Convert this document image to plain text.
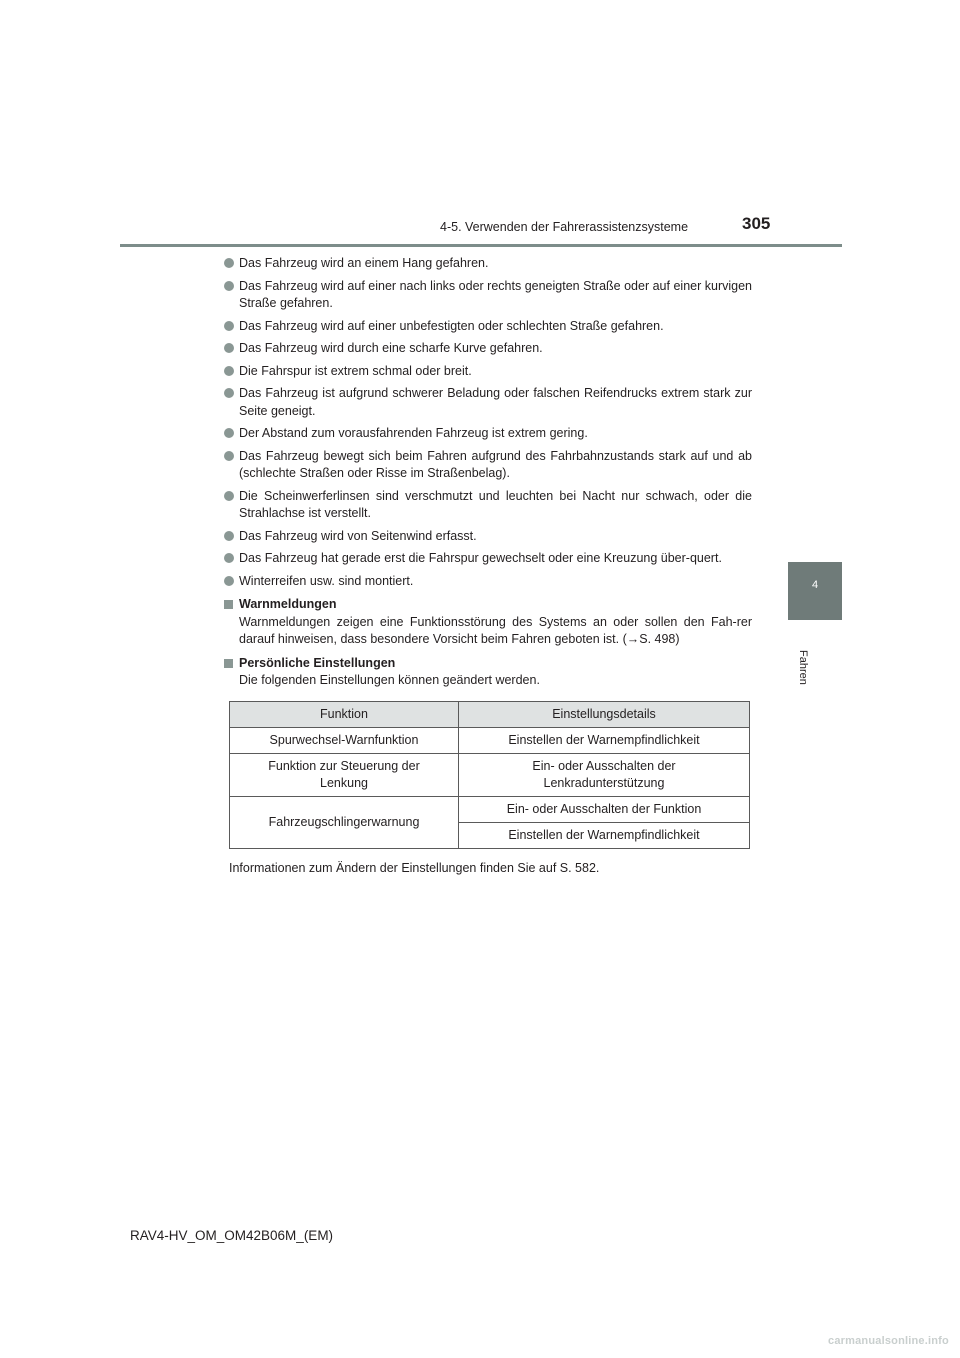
4-5. Verwenden der Fahrerassistenzsysteme	305
4
Fahren
Das Fahrzeug wird an einem Hang gefahren.
Das Fahrzeug wird auf einer nach links oder rechts geneigten Straße oder auf einer kurvigen Straße gefahren.
Das Fahrzeug wird auf einer unbefestigten oder schlechten Straße gefahren.
Das Fahrzeug wird durch eine scharfe Kurve gefahren.
Die Fahrspur ist extrem schmal oder breit.
Das Fahrzeug ist aufgrund schwerer Beladung oder falschen Reifendrucks extrem stark zur Seite geneigt.
Der Abstand zum vorausfahrenden Fahrzeug ist extrem gering.
Das Fahrzeug bewegt sich beim Fahren aufgrund des Fahrbahnzustands stark auf und ab (schlechte Straßen oder Risse im Straßenbelag).
Die Scheinwerferlinsen sind verschmutzt und leuchten bei Nacht nur schwach, oder die Strahlachse ist verstellt.
Das Fahrzeug wird von Seitenwind erfasst.
Das Fahrzeug hat gerade erst die Fahrspur gewechselt oder eine Kreuzung über-quert.
Winterreifen usw. sind montiert.
Warnmeldungen
Warnmeldungen zeigen eine Funktionsstörung des Systems an oder sollen den Fah-rer darauf hinweisen, dass besondere Vorsicht beim Fahren geboten ist. (→S. 498)
Persönliche Einstellungen
Die folgenden Einstellungen können geändert werden.
Funktion	Einstellungsdetails
Spurwechsel-Warnfunktion	Einstellen der Warnempfindlichkeit
Funktion zur Steuerung der Lenkung	Ein- oder Ausschalten der Lenkradunterstützung
Fahrzeugschlingerwarnung	Ein- oder Ausschalten der Funktion
	Einstellen der Warnempfindlichkeit
Informationen zum Ändern der Einstellungen finden Sie auf S. 582.
RAV4-HV_OM_OM42B06M_(EM)
carmanualsonline.info
